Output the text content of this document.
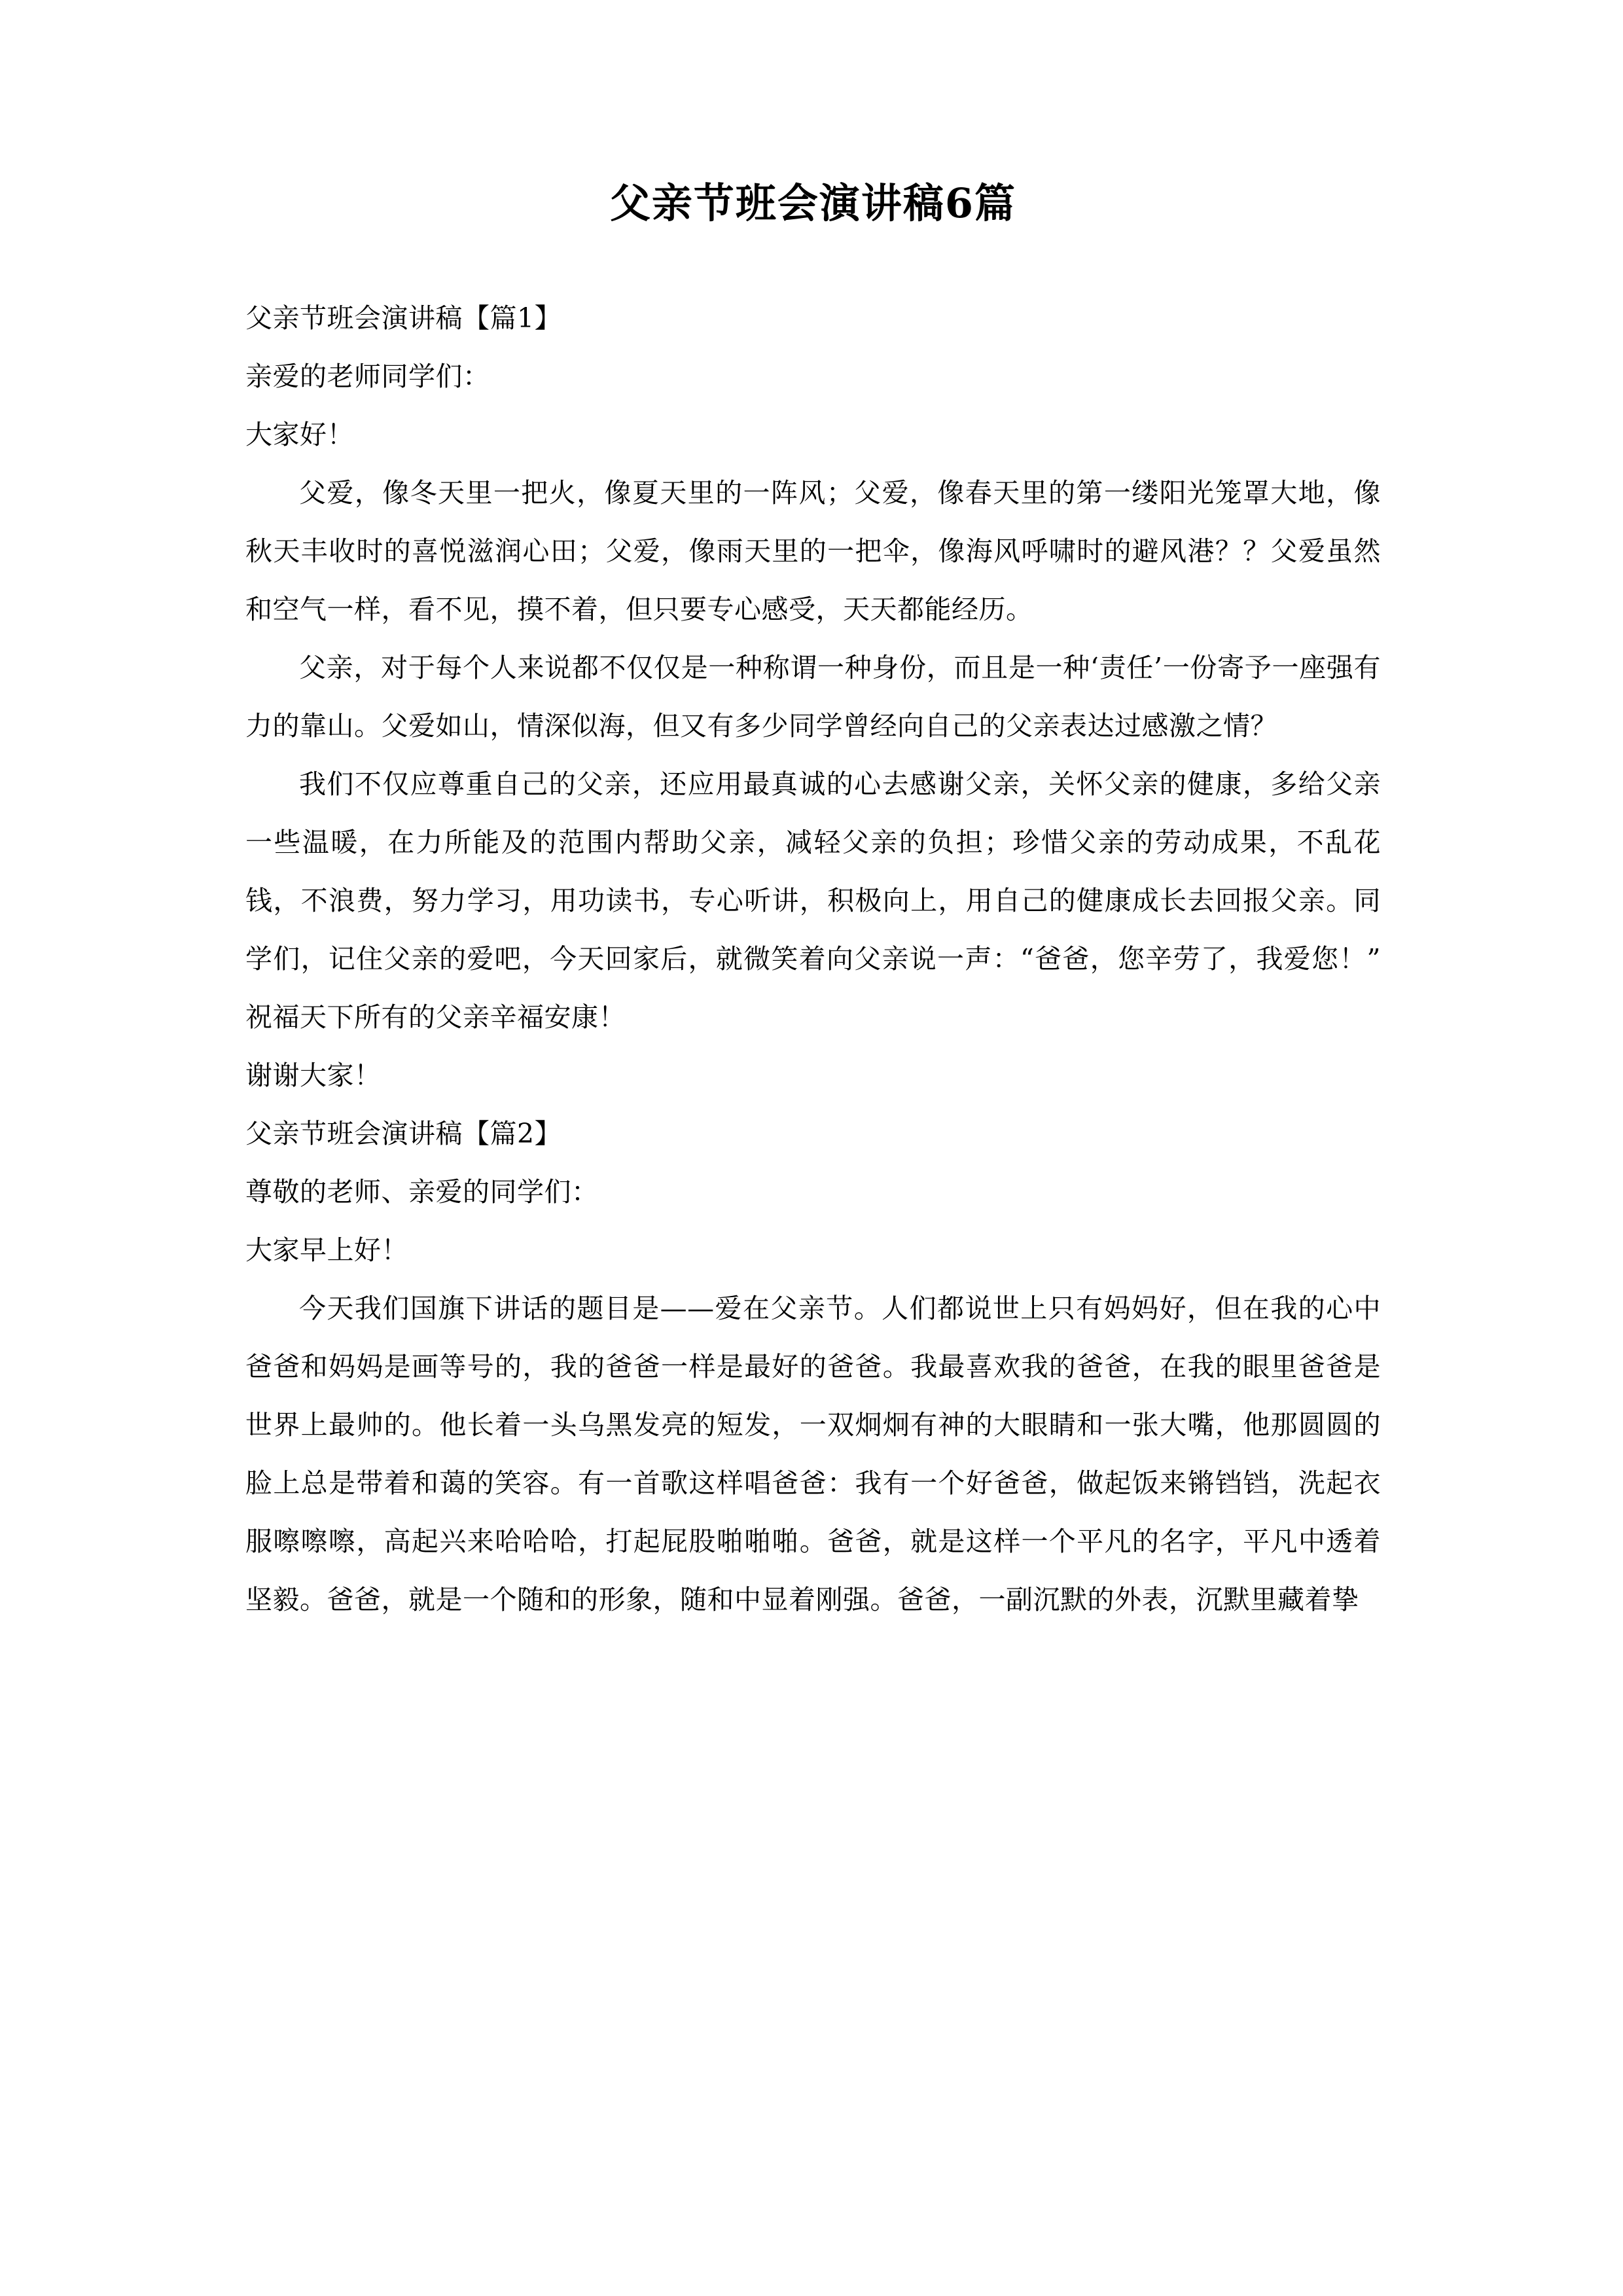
父亲节班会演讲稿6篇

父亲节班会演讲稿【篇1】

亲爱的老师同学们：

大家好！

父爱，像冬天里一把火，像夏天里的一阵风；父爱，像春天里的第一缕阳光笼罩大地，像秋天丰收时的喜悦滋润心田；父爱，像雨天里的一把伞，像海风呼啸时的避风港？？父爱虽然和空气一样，看不见，摸不着，但只要专心感受，天天都能经历。

父亲，对于每个人来说都不仅仅是一种称谓一种身份，而且是一种‘责任’一份寄予一座强有力的靠山。父爱如山，情深似海，但又有多少同学曾经向自己的父亲表达过感激之情？

我们不仅应尊重自己的父亲，还应用最真诚的心去感谢父亲，关怀父亲的健康，多给父亲一些温暖，在力所能及的范围内帮助父亲，减轻父亲的负担；珍惜父亲的劳动成果，不乱花钱，不浪费，努力学习，用功读书，专心听讲，积极向上，用自己的健康成长去回报父亲。同学们，记住父亲的爱吧，今天回家后，就微笑着向父亲说一声：“爸爸，您辛劳了，我爱您！”祝福天下所有的父亲辛福安康！

谢谢大家！

父亲节班会演讲稿【篇2】

尊敬的老师、亲爱的同学们：

大家早上好！

今天我们国旗下讲话的题目是——爱在父亲节。人们都说世上只有妈妈好，但在我的心中爸爸和妈妈是画等号的，我的爸爸一样是最好的爸爸。我最喜欢我的爸爸，在我的眼里爸爸是世界上最帅的。他长着一头乌黑发亮的短发，一双炯炯有神的大眼睛和一张大嘴，他那圆圆的脸上总是带着和蔼的笑容。有一首歌这样唱爸爸：我有一个好爸爸，做起饭来锵铛铛，洗起衣服嚓嚓嚓，高起兴来哈哈哈，打起屁股啪啪啪。爸爸，就是这样一个平凡的名字，平凡中透着坚毅。爸爸，就是一个随和的形象，随和中显着刚强。爸爸，一副沉默的外表，沉默里藏着挚
